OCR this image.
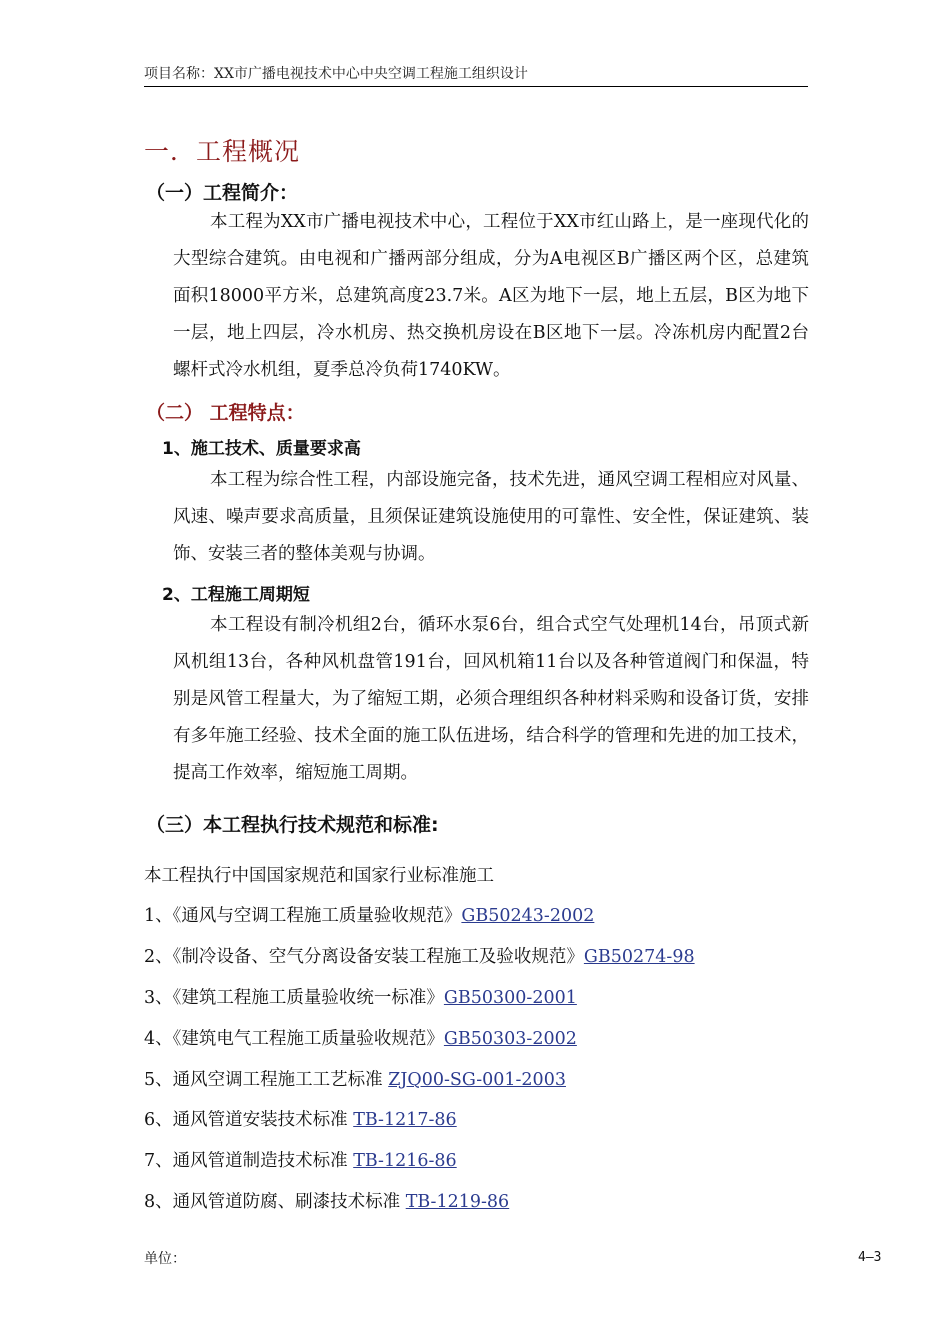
项目名称：XX市广播电视技术中心中央空调工程施工组织设计
一．工程概况
（一）工程简介：

本工程为XX市广播电视技术中心，工程位于XX市红山路上，是一座现代化的大型综合建筑。由电视和广播两部分组成，分为A电视区B广播区两个区，总建筑面积18000平方米，总建筑高度23.7米。A区为地下一层，地上五层，B区为地下一层，地上四层，冷水机房、热交换机房设在B区地下一层。冷冻机房内配置2台螺杆式冷水机组，夏季总冷负荷1740KW。

（二） 工程特点：
1、施工技术、质量要求高

本工程为综合性工程，内部设施完备，技术先进，通风空调工程相应对风量、风速、噪声要求高质量，且须保证建筑设施使用的可靠性、安全性，保证建筑、装饰、安装三者的整体美观与协调。

2、工程施工周期短

本工程设有制冷机组2台，循环水泵6台，组合式空气处理机14台，吊顶式新风机组13台，各种风机盘管191台，回风机箱11台以及各种管道阀门和保温，特别是风管工程量大，为了缩短工期，必须合理组织各种材料采购和设备订货，安排有多年施工经验、技术全面的施工队伍进场，结合科学的管理和先进的加工技术，提高工作效率，缩短施工周期。

（三）本工程执行技术规范和标准:
本工程执行中国国家规范和国家行业标准施工
1、《通风与空调工程施工质量验收规范》GB50243-2002
2、《制冷设备、空气分离设备安装工程施工及验收规范》GB50274-98
3、《建筑工程施工质量验收统一标准》GB50300-2001
4、《建筑电气工程施工质量验收规范》GB50303-2002
5、通风空调工程施工工艺标准 ZJQ00-SG-001-2003
6、通风管道安装技术标准 TB-1217-86
7、通风管道制造技术标准 TB-1216-86
8、通风管道防腐、刷漆技术标准 TB-1219-86
单位：	4—3
